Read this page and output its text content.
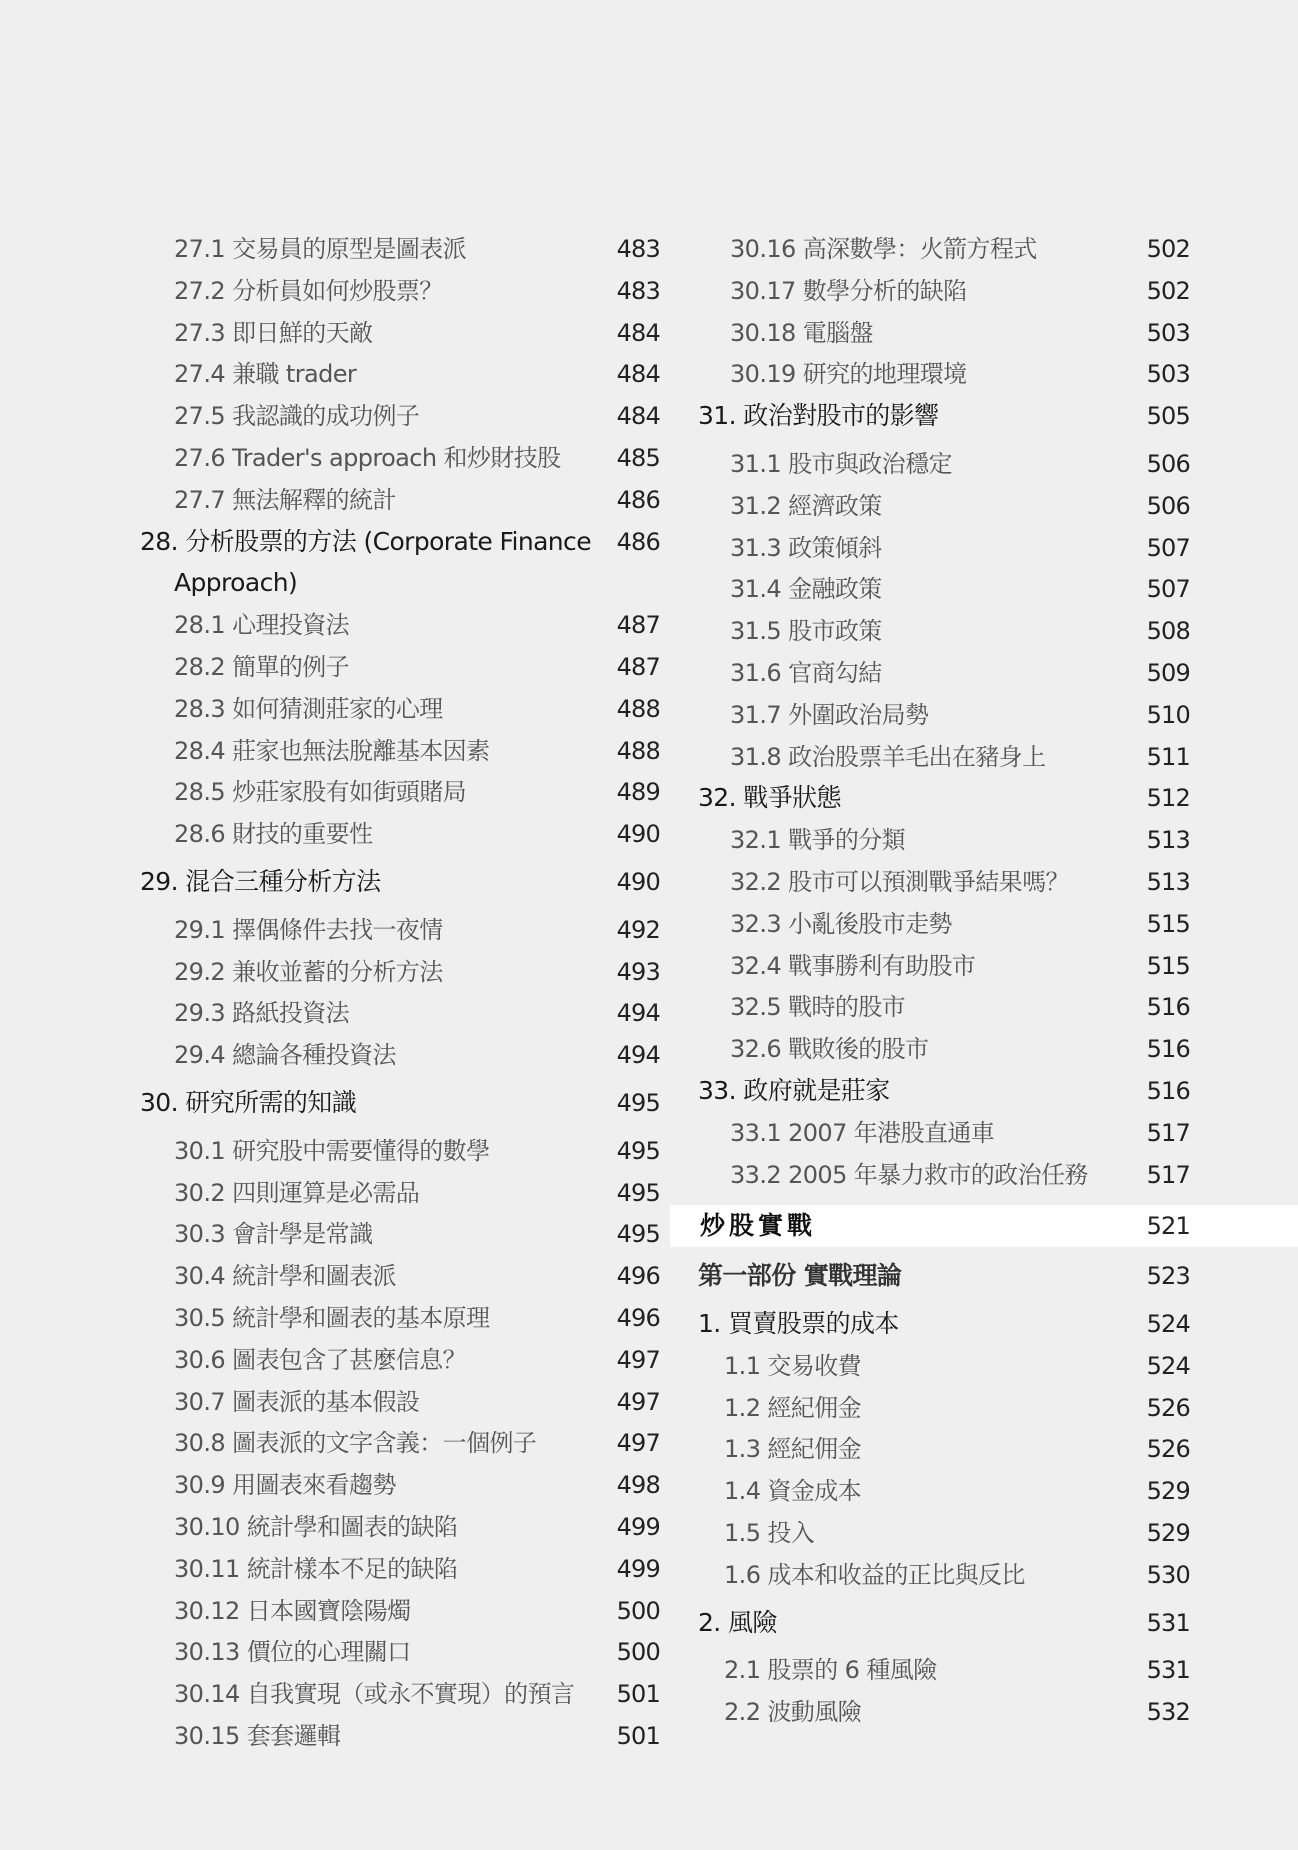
27.1 交易員的原型是圖表派	483
27.2 分析員如何炒股票？	483
27.3 即日鮮的天敵	484
27.4 兼職 trader	484
27.5 我認識的成功例子	484
27.6 Trader's approach 和炒財技股 485
27.7 無法解釋的統計	486
28. 分析股票的方法 (Corporate Finance 486
Approach)
28.1 心理投資法	487
28.2 簡單的例子	487
28.3 如何猜測莊家的心理	488
28.4 莊家也無法脫離基本因素	488
28.5 炒莊家股有如街頭賭局	489
28.6 財技的重要性	490
29. 混合三種分析方法	490
29.1 擇偶條件去找一夜情	492
29.2 兼收並蓄的分析方法	493
29.3 路紙投資法	494
29.4 總論各種投資法	494
30. 研究所需的知識	495
30.1 研究股中需要懂得的數學	495
30.2 四則運算是必需品	495
30.3 會計學是常識	495
30.4 統計學和圖表派	496
30.5 統計學和圖表的基本原理	496
30.6 圖表包含了甚麼信息？	497
30.7 圖表派的基本假設	497
30.8 圖表派的文字含義：一個例子	497
30.9 用圖表來看趨勢	498
30.10 統計學和圖表的缺陷	499
30.11 統計樣本不足的缺陷	499
30.12 日本國寶陰陽燭	500
30.13 價位的心理關口	500
30.14 自我實現（或永不實現）的預言 501
30.15 套套邏輯	501
30.16 高深數學：火箭方程式	502
30.17 數學分析的缺陷	502
30.18 電腦盤	503
30.19 研究的地理環境	503
31. 政治對股市的影響	505
31.1 股市與政治穩定	506
31.2 經濟政策	506
31.3 政策傾斜	507
31.4 金融政策	507
31.5 股市政策	508
31.6 官商勾結	509
31.7 外圍政治局勢	510
31.8 政治股票羊毛出在豬身上	511
32. 戰爭狀態	512
32.1 戰爭的分類	513
32.2 股市可以預測戰爭結果嗎？	513
32.3 小亂後股市走勢	515
32.4 戰事勝利有助股市	515
32.5 戰時的股市	516
32.6 戰敗後的股市	516
33. 政府就是莊家	516
33.1 2007 年港股直通車	517
33.2 2005 年暴力救市的政治任務 517
炒股實戰	521
第一部份 實戰理論	523
1. 買賣股票的成本	524
1.1 交易收費	524
1.2 經紀佣金	526
1.3 經紀佣金	526
1.4 資金成本	529
1.5 投入	529
1.6 成本和收益的正比與反比	530
2. 風險	531
2.1 股票的 6 種風險	531
2.2 波動風險	532
